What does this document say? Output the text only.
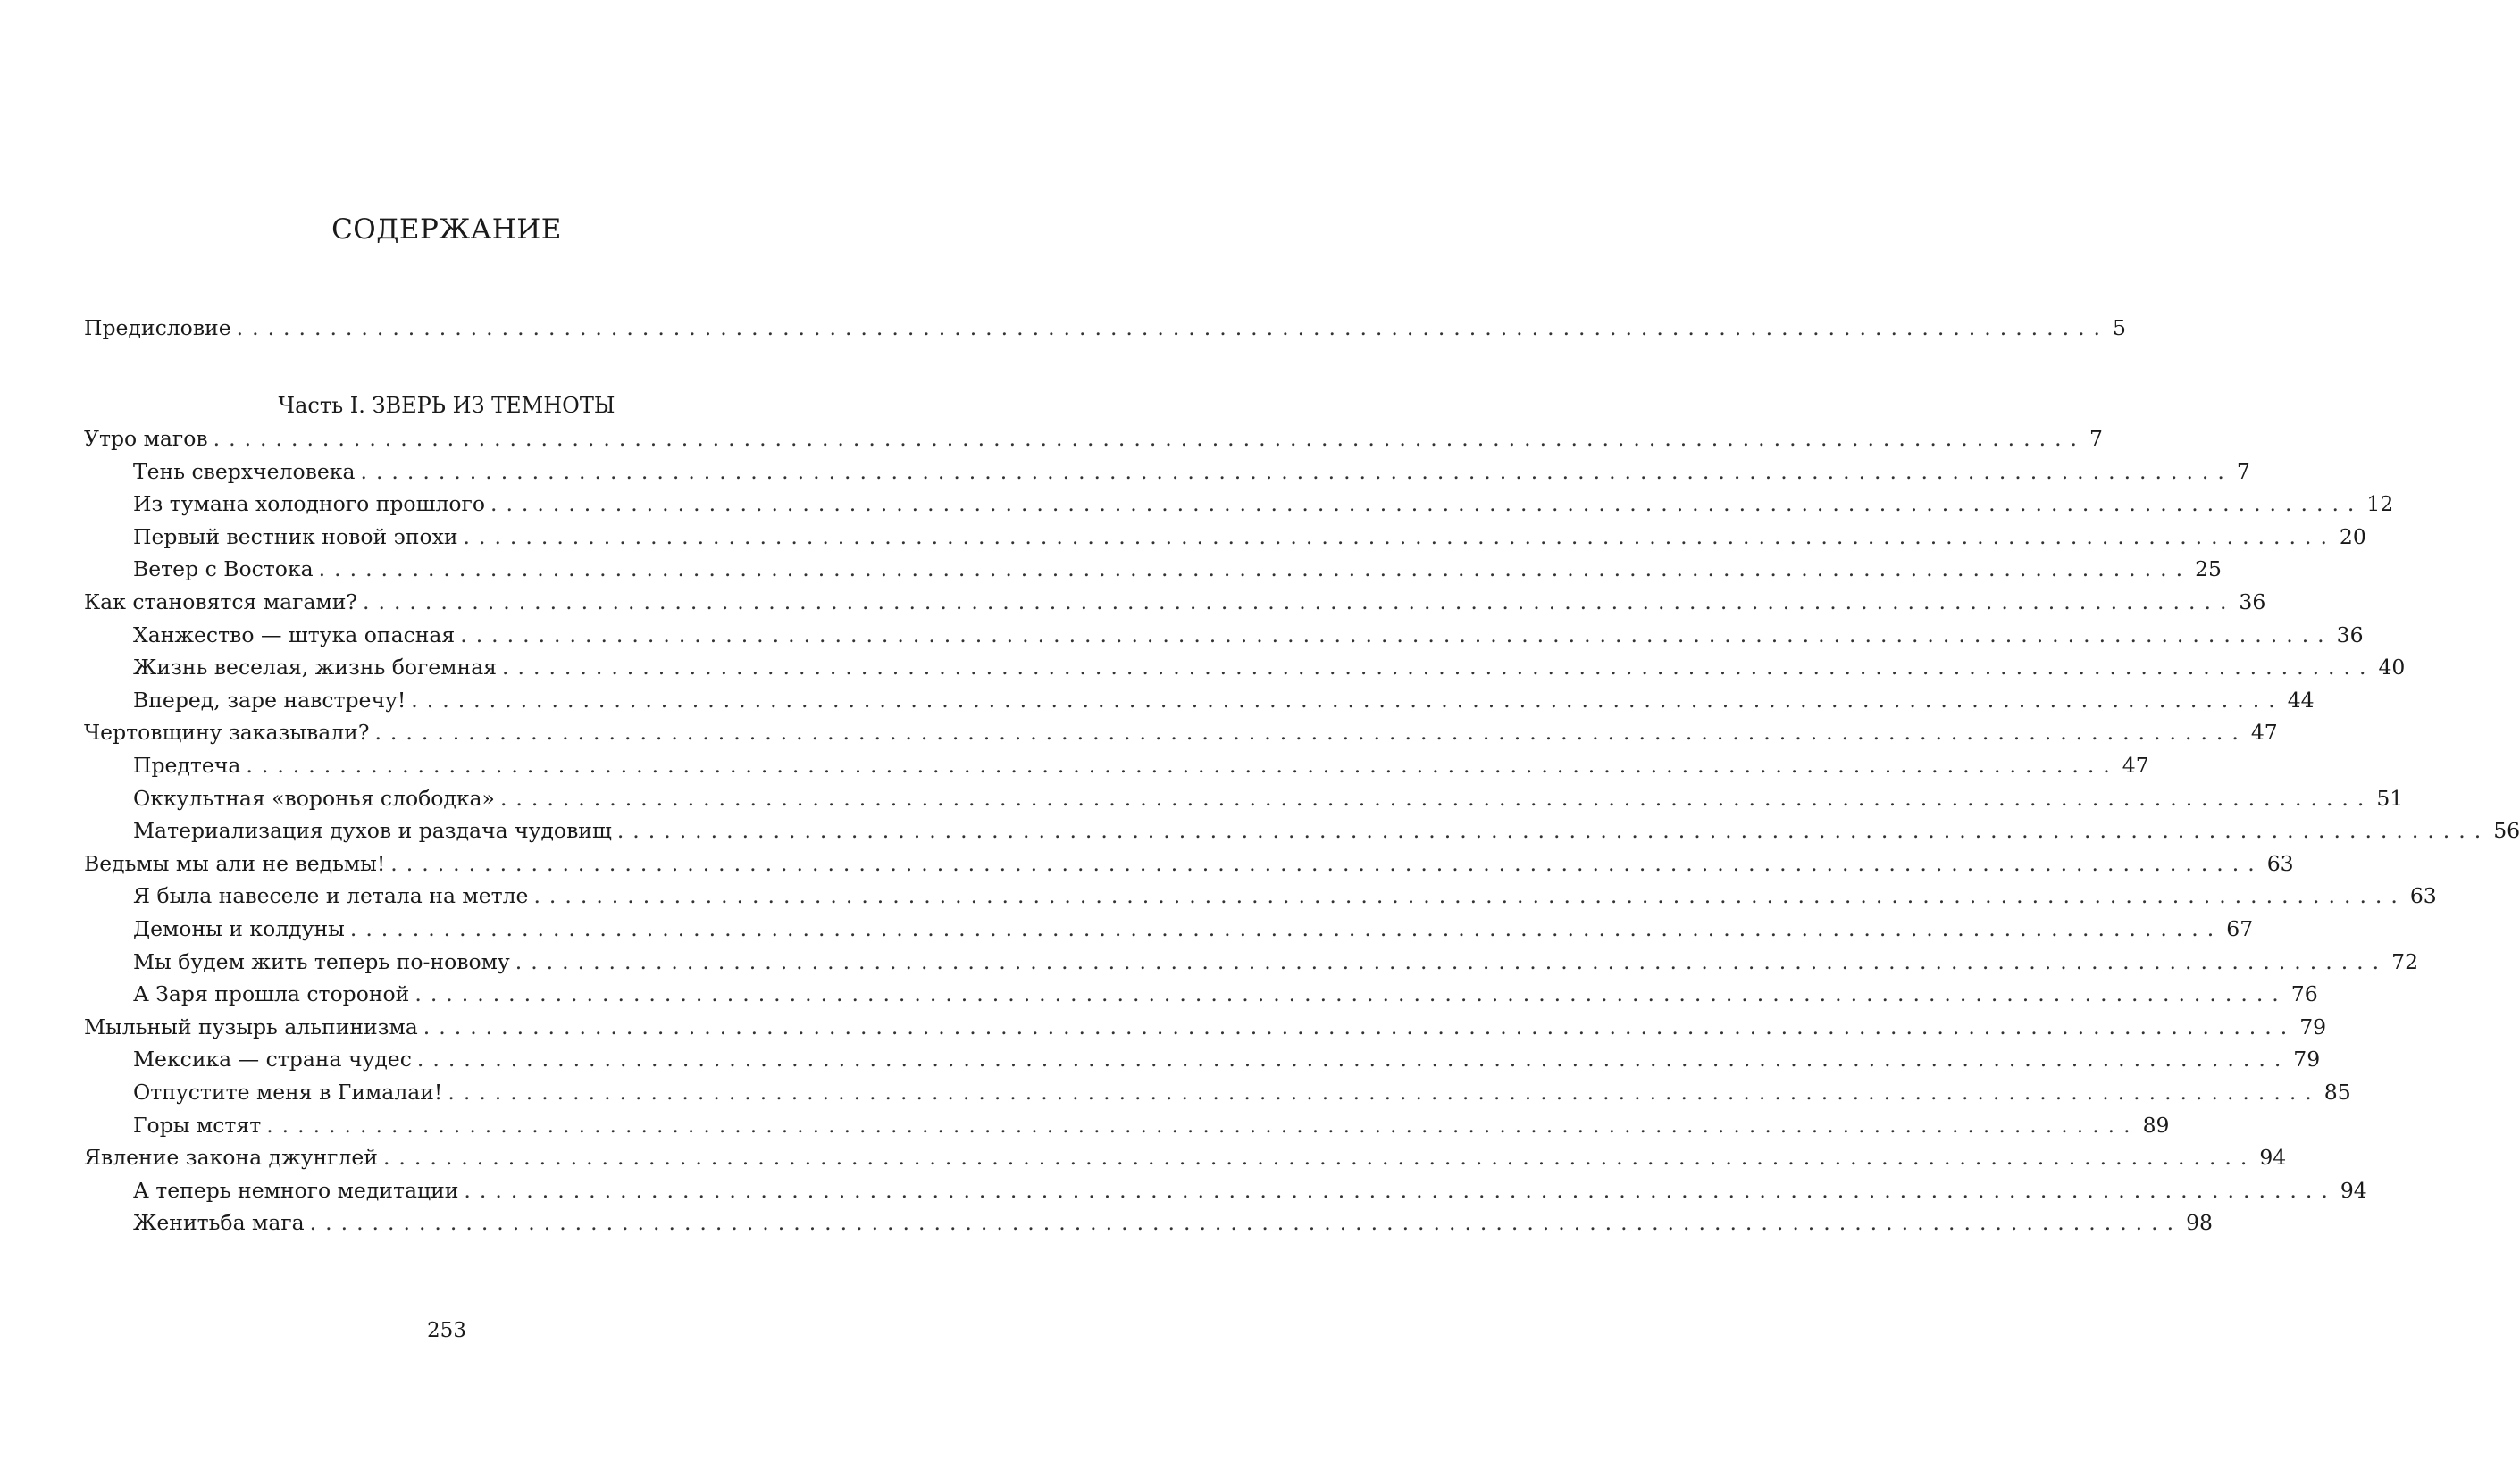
СОДЕРЖАНИЕ
Предисловие ........................................................................................................................ 5
Часть I. ЗВЕРЬ ИЗ ТЕМНОТЫ
Утро магов ........................................................................................................................ 7
Тень сверхчеловека ........................................................................................................................ 7
Из тумана холодного прошлого ........................................................................................................................ 12
Первый вестник новой эпохи ........................................................................................................................ 20
Ветер с Востока ........................................................................................................................ 25
Как становятся магами? ........................................................................................................................ 36
Ханжество — штука опасная ........................................................................................................................ 36
Жизнь веселая, жизнь богемная ........................................................................................................................ 40
Вперед, заре навстречу! ........................................................................................................................ 44
Чертовщину заказывали? ........................................................................................................................ 47
Предтеча ........................................................................................................................ 47
Оккультная «воронья слободка» ........................................................................................................................ 51
Материализация духов и раздача чудовищ ........................................................................................................................ 56
Ведьмы мы али не ведьмы! ........................................................................................................................ 63
Я была навеселе и летала на метле ........................................................................................................................ 63
Демоны и колдуны ........................................................................................................................ 67
Мы будем жить теперь по-новому ........................................................................................................................ 72
А Заря прошла стороной ........................................................................................................................ 76
Мыльный пузырь альпинизма ........................................................................................................................ 79
Мексика — страна чудес ........................................................................................................................ 79
Отпустите меня в Гималаи! ........................................................................................................................ 85
Горы мстят ........................................................................................................................ 89
Явление закона джунглей ........................................................................................................................ 94
А теперь немного медитации ........................................................................................................................ 94
Женитьба мага ........................................................................................................................ 98
253
